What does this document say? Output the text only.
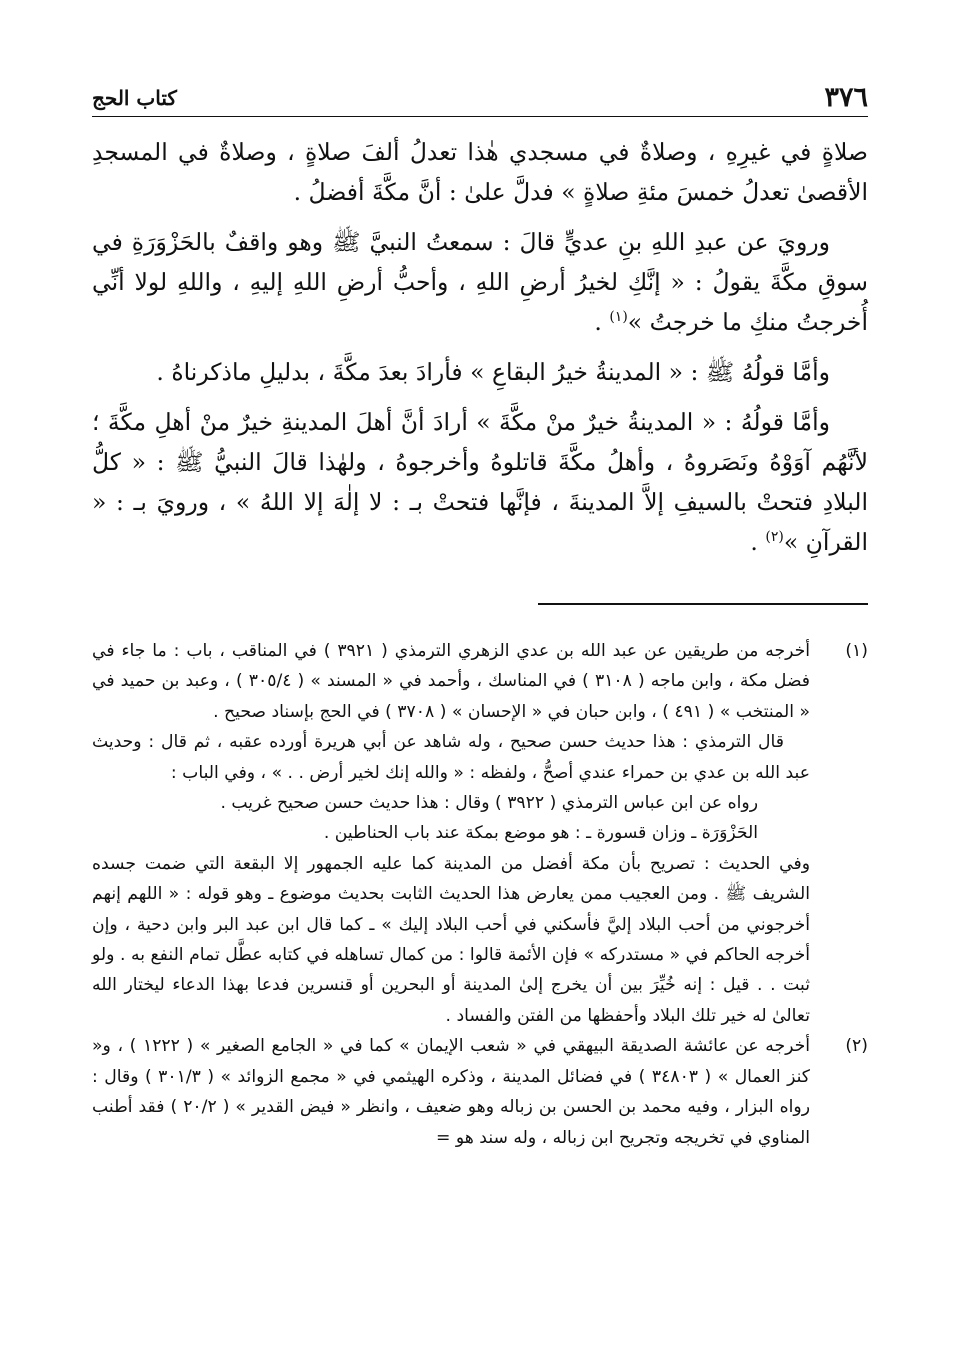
٣٧٦
كتاب الحج

صلاةٍ في غيرِهِ ، وصلاةٌ في مسجدي هٰذا تعدلُ ألفَ صلاةٍ ، وصلاةٌ في المسجدِ الأقصىٰ تعدلُ خمسَ مئةِ صلاةٍ » فدلَّ علىٰ : أنَّ مكَّةَ أفضلُ .

ورويَ عن عبدِ اللهِ بنِ عديٍّ قالَ : سمعتُ النبيَّ ﷺ وهو واقفٌ بالحَزْوَرَةِ في سوقِ مكَّةَ يقولُ : « إنَّكِ لخيرُ أرضِ اللهِ ، وأحبُّ أرضِ اللهِ إليهِ ، واللهِ لولا أنِّي أُخرجتُ منكِ ما خرجتُ »$^{(١)}$ .

وأمَّا قولُهُ ﷺ : « المدينةُ خيرُ البقاعِ » فأرادَ بعدَ مكَّةَ ، بدليلِ ماذكرناهُ .

وأمَّا قولُهُ : « المدينةُ خيرٌ منْ مكَّةَ » أرادَ أنَّ أهلَ المدينةِ خيرٌ منْ أهلِ مكَّةَ ؛ لأنَّهُم آوَوْهُ ونَصَروهُ ، وأهلُ مكَّةَ قاتلوهُ وأخرجوهُ ، ولهٰذا قالَ النبيُّ ﷺ : « كلُّ البلادِ فتحتْ بالسيفِ إلاَّ المدينةَ ، فإنَّها فتحتْ بـ : لا إلٰهَ إلا اللهُ » ، ورويَ بـ : « القرآنِ »$^{(٢)}$ .

(١)

أخرجه من طريقين عن عبد الله بن عدي الزهري الترمذي ( ٣٩٢١ ) في المناقب ، باب : ما جاء في فضل مكة ، وابن ماجه ( ٣١٠٨ ) في المناسك ، وأحمد في « المسند » ( ٣٠٥/٤ ) ، وعبد بن حميد في « المنتخب » ( ٤٩١ ) ، وابن حبان في « الإحسان » ( ٣٧٠٨ ) في الحج بإسناد صحيح .

قال الترمذي : هذا حديث حسن صحيح ، وله شاهد عن أبي هريرة أورده عقبه ، ثم قال : وحديث عبد الله بن عدي بن حمراء عندي أصحُّ ، ولفظه : « والله إنك لخير أرض . . » ، وفي الباب :

رواه عن ابن عباس الترمذي ( ٣٩٢٢ ) وقال : هذا حديث حسن صحيح غريب .

الحَزْوَرَة ـ وزان قسورة ـ : هو موضع بمكة عند باب الحناطين .

وفي الحديث : تصريح بأن مكة أفضل من المدينة كما عليه الجمهور إلا البقعة التي ضمت جسده الشريف ﷺ . ومن العجيب ممن يعارض هذا الحديث الثابت بحديث موضوع ـ وهو قوله : « اللهم إنهم أخرجوني من أحب البلاد إليَّ فأسكني في أحب البلاد إليك » ـ كما قال ابن عبد البر وابن دحية ، وإن أخرجه الحاكم في « مستدركه » فإن الأئمة قالوا : من كمال تساهله في كتابه عطَّل تمام النفع به . ولو ثبت . . قيل : إنه خُيِّرَ بين أن يخرج إلىٰ المدينة أو البحرين أو قنسرين فدعا بهذا الدعاء ليختار الله تعالىٰ له خير تلك البلاد وأحفظها من الفتن والفساد .

(٢)

أخرجه عن عائشة الصديقة البيهقي في « شعب الإيمان » كما في « الجامع الصغير » ( ١٢٢٢ ) ، و« كنز العمال » ( ٣٤٨٠٣ ) في فضائل المدينة ، وذكره الهيثمي في « مجمع الزوائد » ( ٣٠١/٣ ) وقال : رواه البزار ، وفيه محمد بن الحسن بن زباله وهو ضعيف ، وانظر « فيض القدير » ( ٢٠/٢ ) فقد أطنب المناوي في تخريجه وتجريح ابن زباله ، وله سند هو =
